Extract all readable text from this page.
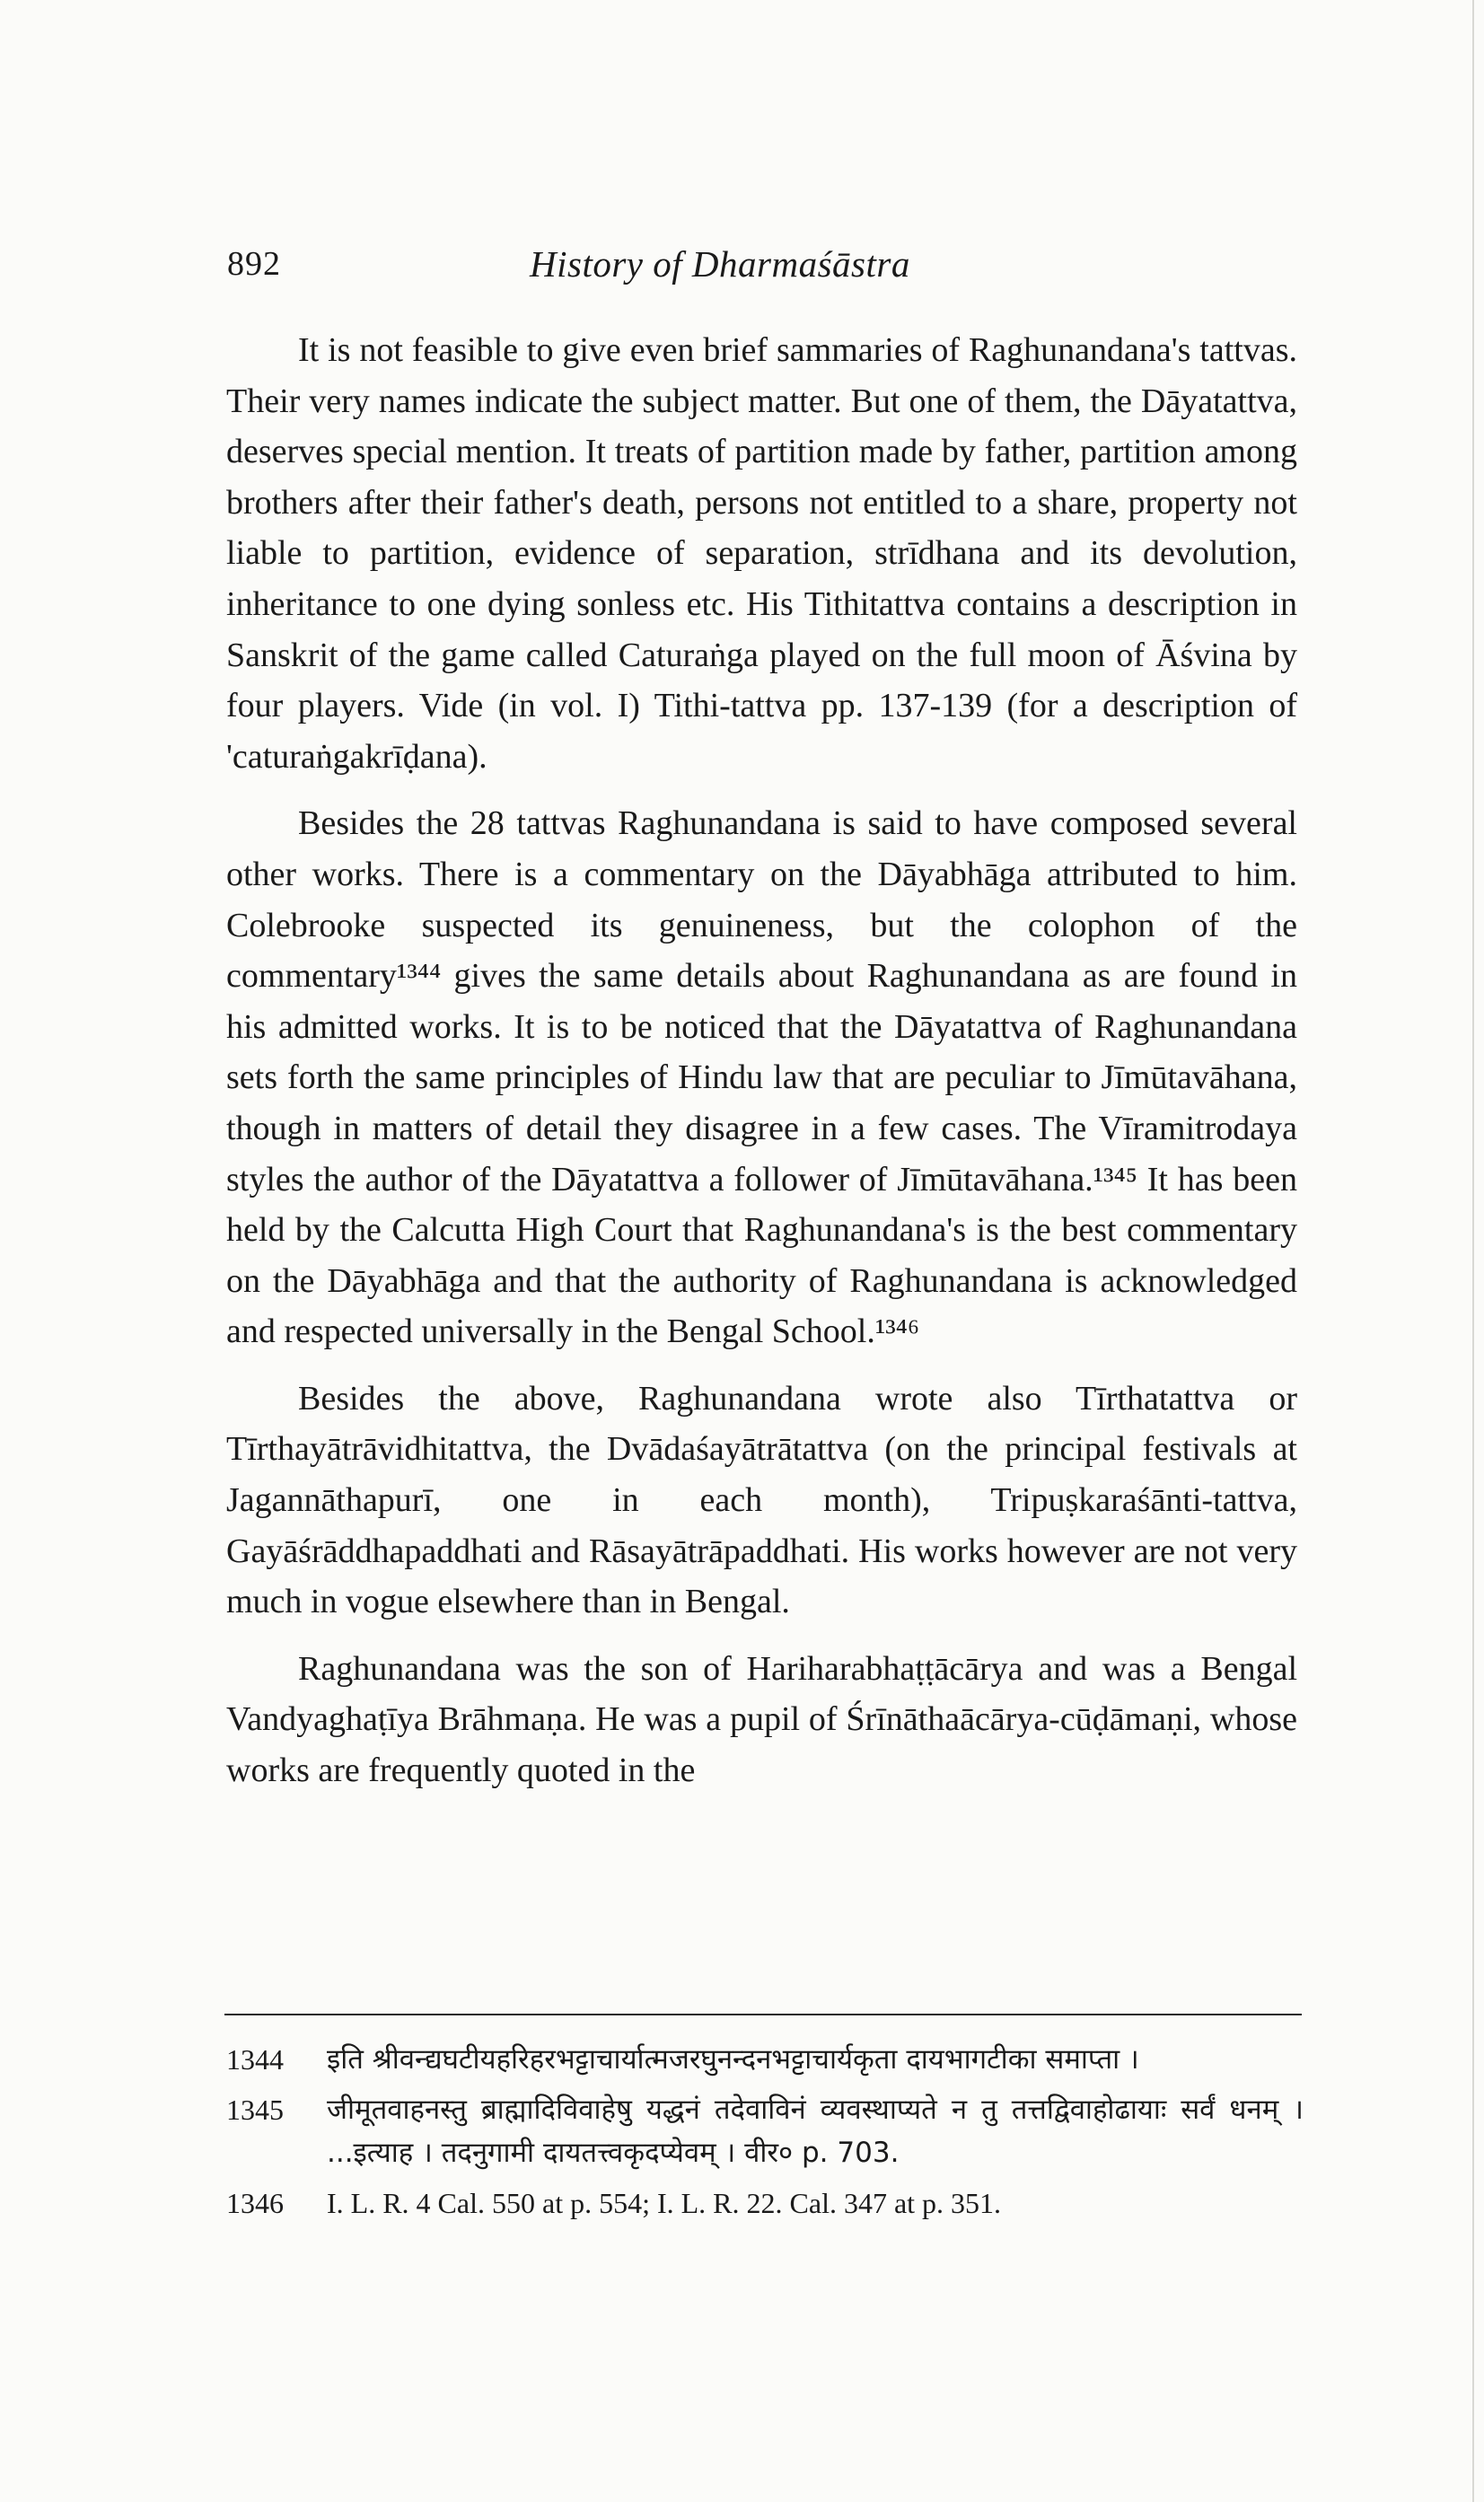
892	History of Dharmaśāstra

It is not feasible to give even brief sammaries of Raghunandana's tattvas. Their very names indicate the subject matter. But one of them, the Dāyatattva, deserves special mention. It treats of partition made by father, partition among brothers after their father's death, persons not entitled to a share, property not liable to partition, evidence of separation, strīdhana and its devolution, inheritance to one dying sonless etc. His Tithitattva contains a description in Sanskrit of the game called Caturaṅga played on the full moon of Āśvina by four players. Vide (in vol. I) Tithi-tattva pp. 137-139 (for a description of 'caturaṅgakrīḍana).

Besides the 28 tattvas Raghunandana is said to have composed several other works. There is a commentary on the Dāyabhāga attributed to him. Colebrooke suspected its genuineness, but the colophon of the commentary¹³⁴⁴ gives the same details about Raghunandana as are found in his admitted works. It is to be noticed that the Dāyatattva of Raghunandana sets forth the same principles of Hindu law that are peculiar to Jīmūtavāhana, though in matters of detail they disagree in a few cases. The Vīramitrodaya styles the author of the Dāyatattva a follower of Jīmūtavāhana.¹³⁴⁵ It has been held by the Calcutta High Court that Raghunandana's is the best commentary on the Dāyabhāga and that the authority of Raghunandana is acknowledged and respected universally in the Bengal School.¹³⁴⁶

Besides the above, Raghunandana wrote also Tīrthatattva or Tīrthayātrāvidhitattva, the Dvādaśayātrātattva (on the principal festivals at Jagannāthapurī, one in each month), Tripuṣkaraśānti-tattva, Gayāśrāddhapaddhati and Rāsayātrāpaddhati. His works however are not very much in vogue elsewhere than in Bengal.

Raghunandana was the son of Hariharabhaṭṭācārya and was a Bengal Vandyaghaṭīya Brāhmaṇa. He was a pupil of Śrīnāthaācārya-cūḍāmaṇi, whose works are frequently quoted in the

1344	इति श्रीवन्द्यघटीयहरिहरभट्टाचार्यात्मजरघुनन्दनभट्टाचार्यकृता दायभागटीका समाप्ता ।
1345	जीमूतवाहनस्तु ब्राह्मादिविवाहेषु यद्धनं तदेवाविनं व्यवस्थाप्यते न तु तत्तद्विवाहोढायाः सर्वं धनम् । ...इत्याह । तदनुगामी दायतत्त्वकृदप्येवम् । वीर० p. 703.
1346	I. L. R. 4 Cal. 550 at p. 554; I. L. R. 22. Cal. 347 at p. 351.
